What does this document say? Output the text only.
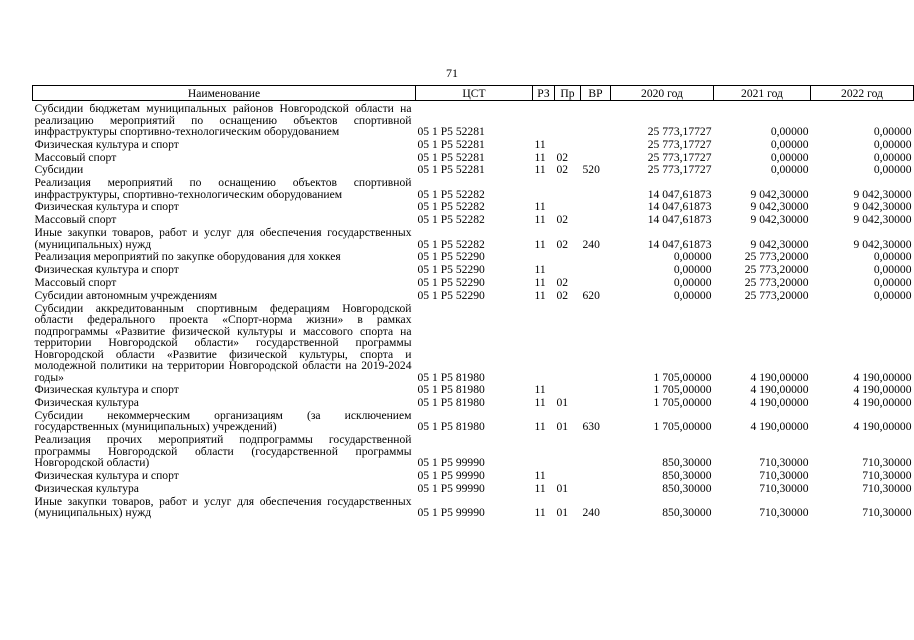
71
Наименование	ЦСТ	РЗ	Пр	ВР	2020 год	2021 год	2022 год
Субсидии бюджетам муниципальных районов Новгородской области на реализацию мероприятий по оснащению объектов спортивной инфраструктуры спортивно-технологическим оборудованием	05 1 P5 52281				25 773,17727	0,00000	0,00000
Физическая культура и спорт	05 1 P5 52281	11			25 773,17727	0,00000	0,00000
Массовый спорт	05 1 P5 52281	11	02		25 773,17727	0,00000	0,00000
Субсидии	05 1 P5 52281	11	02	520	25 773,17727	0,00000	0,00000
Реализация мероприятий по оснащению объектов спортивной инфраструктуры, спортивно-технологическим оборудованием	05 1 P5 52282				14 047,61873	9 042,30000	9 042,30000
Физическая культура и спорт	05 1 P5 52282	11			14 047,61873	9 042,30000	9 042,30000
Массовый спорт	05 1 P5 52282	11	02		14 047,61873	9 042,30000	9 042,30000
Иные закупки товаров, работ и услуг для обеспечения государственных (муниципальных) нужд	05 1 P5 52282	11	02	240	14 047,61873	9 042,30000	9 042,30000
Реализация мероприятий по закупке оборудования для хоккея	05 1 P5 52290				0,00000	25 773,20000	0,00000
Физическая культура и спорт	05 1 P5 52290	11			0,00000	25 773,20000	0,00000
Массовый спорт	05 1 P5 52290	11	02		0,00000	25 773,20000	0,00000
Субсидии автономным учреждениям	05 1 P5 52290	11	02	620	0,00000	25 773,20000	0,00000
Субсидии аккредитованным спортивным федерациям Новгородской области федерального проекта «Спорт-норма жизни» в рамках подпрограммы «Развитие физической культуры и массового спорта на территории Новгородской области» государственной программы Новгородской области «Развитие физической культуры, спорта и молодежной политики на территории Новгородской области на 2019-2024 годы»	05 1 P5 81980				1 705,00000	4 190,00000	4 190,00000
Физическая культура и спорт	05 1 P5 81980	11			1 705,00000	4 190,00000	4 190,00000
Физическая культура	05 1 P5 81980	11	01		1 705,00000	4 190,00000	4 190,00000
Субсидии некоммерческим организациям (за исключением государственных (муниципальных) учреждений)	05 1 P5 81980	11	01	630	1 705,00000	4 190,00000	4 190,00000
Реализация прочих мероприятий подпрограммы государственной программы Новгородской области (государственной программы Новгородской области)	05 1 P5 99990				850,30000	710,30000	710,30000
Физическая культура и спорт	05 1 P5 99990	11			850,30000	710,30000	710,30000
Физическая культура	05 1 P5 99990	11	01		850,30000	710,30000	710,30000
Иные закупки товаров, работ и услуг для обеспечения государственных (муниципальных) нужд	05 1 P5 99990	11	01	240	850,30000	710,30000	710,30000
